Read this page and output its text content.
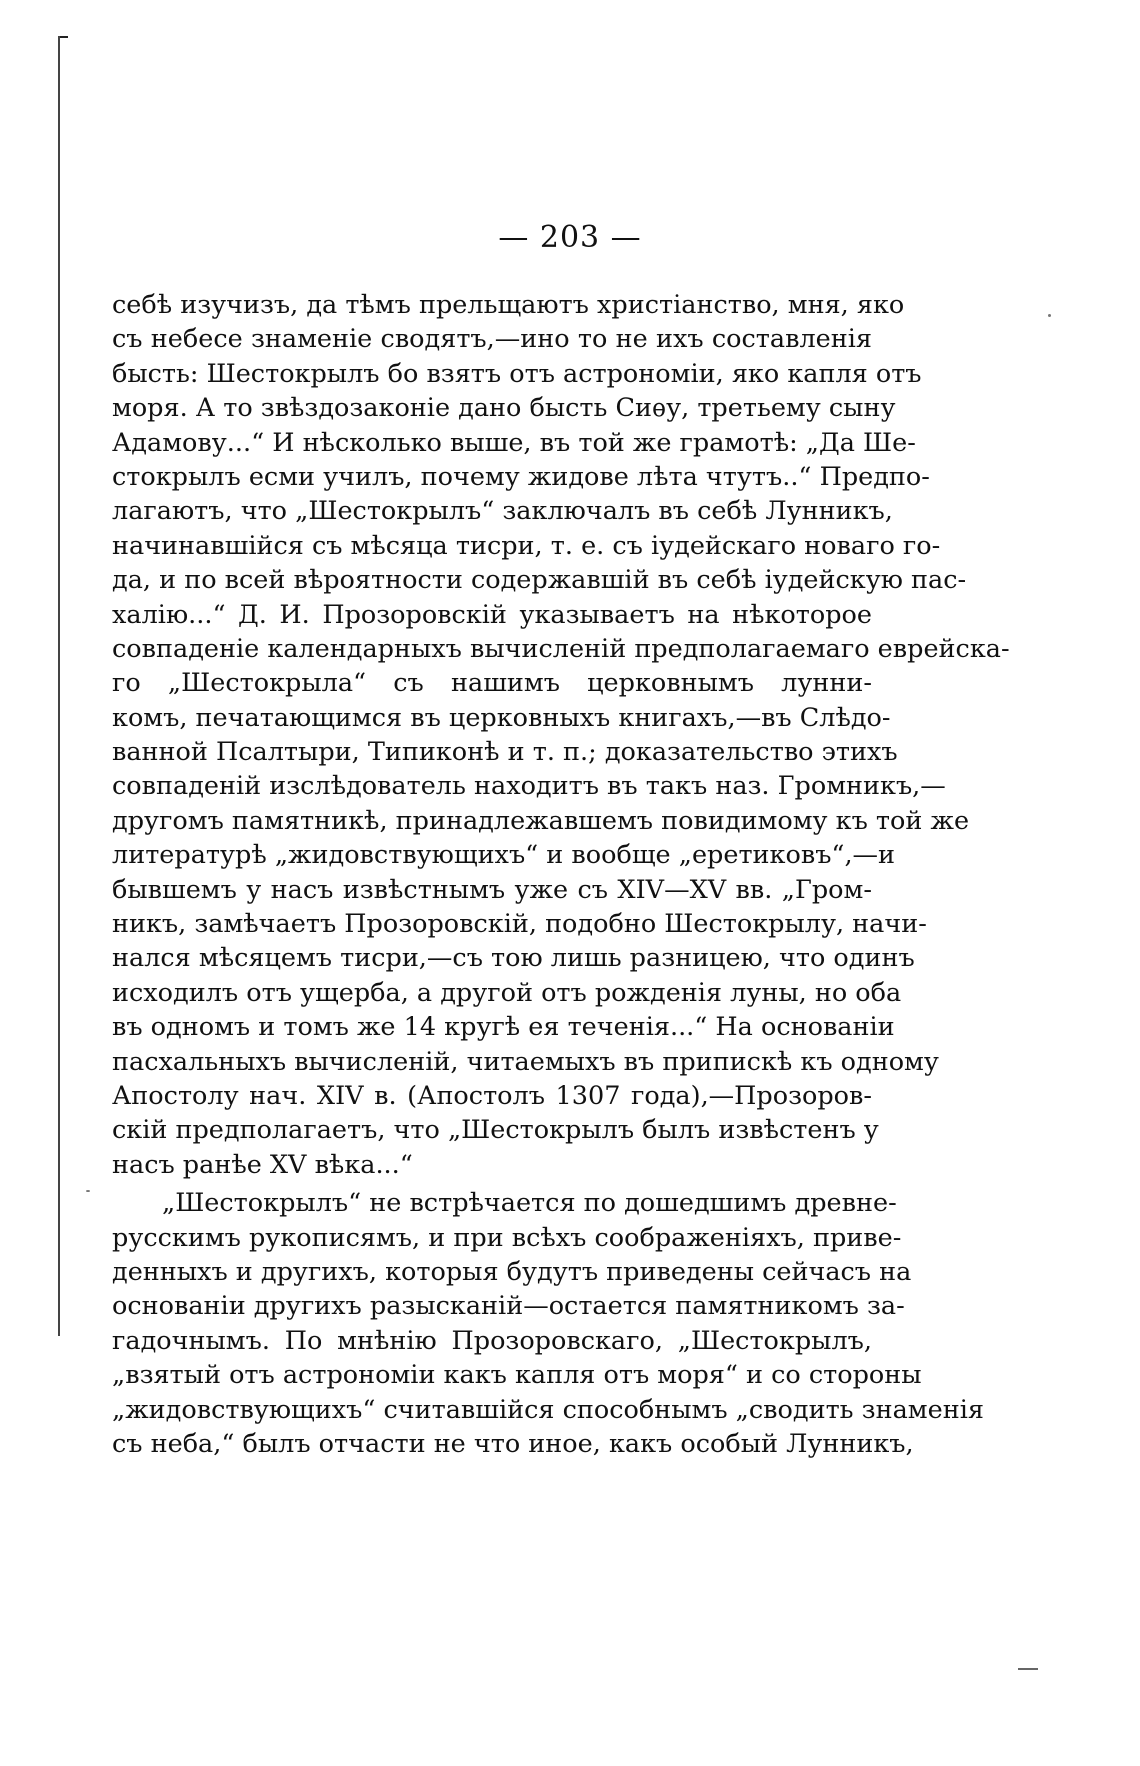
— 203 —
себѣ изучизъ, да тѣмъ прельщаютъ христіанство, мня, яко
съ небесе знаменіе сводятъ,—ино то не ихъ составленія
бысть: Шестокрылъ бо взятъ отъ астрономіи, яко капля отъ
моря. А то звѣздозаконіе дано бысть Сиѳу, третьему сыну
Адамову...“ И нѣсколько выше, въ той же грамотѣ: „Да Ше-
стокрылъ есми училъ, почему жидове лѣта чтутъ..“ Предпо-
лагаютъ, что „Шестокрылъ“ заключалъ въ себѣ Лунникъ,
начинавшійся съ мѣсяца тисри, т. е. съ іудейскаго новаго го-
да, и по всей вѣроятности содержавшій въ себѣ іудейскую пас-
халію...“ Д. И. Прозоровскій указываетъ на нѣкоторое
совпаденіе календарныхъ вычисленій предполагаемаго еврейска-
го „Шестокрыла“ съ нашимъ церковнымъ лунни-
комъ, печатающимся въ церковныхъ книгахъ,—въ Слѣдо-
ванной Псалтыри, Типиконѣ и т. п.; доказательство этихъ
совпаденій изслѣдователь находитъ въ такъ наз. Громникъ,—
другомъ памятникѣ, принадлежавшемъ повидимому къ той же
литературѣ „жидовствующихъ“ и вообще „еретиковъ“,—и
бывшемъ у насъ извѣстнымъ уже съ XIV—XV вв. „Гром-
никъ, замѣчаетъ Прозоровскій, подобно Шестокрылу, начи-
нался мѣсяцемъ тисри,—съ тою лишь разницею, что одинъ
исходилъ отъ ущерба, а другой отъ рожденія луны, но оба
въ одномъ и томъ же 14 кругѣ ея теченія...“ На основаніи
пасхальныхъ вычисленій, читаемыхъ въ припискѣ къ одному
Апостолу нач. XIV в. (Апостолъ 1307 года),—Прозоров-
скій предполагаетъ, что „Шестокрылъ былъ извѣстенъ у
насъ ранѣе XV вѣка...“
„Шестокрылъ“ не встрѣчается по дошедшимъ древне-
русскимъ рукописямъ, и при всѣхъ соображеніяхъ, приве-
денныхъ и другихъ, которыя будутъ приведены сейчасъ на
основаніи другихъ разысканій—остается памятникомъ за-
гадочнымъ. По мнѣнію Прозоровскаго, „Шестокрылъ,
„взятый отъ астрономіи какъ капля отъ моря“ и со стороны
„жидовствующихъ“ считавшійся способнымъ „сводить знаменія
съ неба,“ былъ отчасти не что иное, какъ особый Лунникъ,
